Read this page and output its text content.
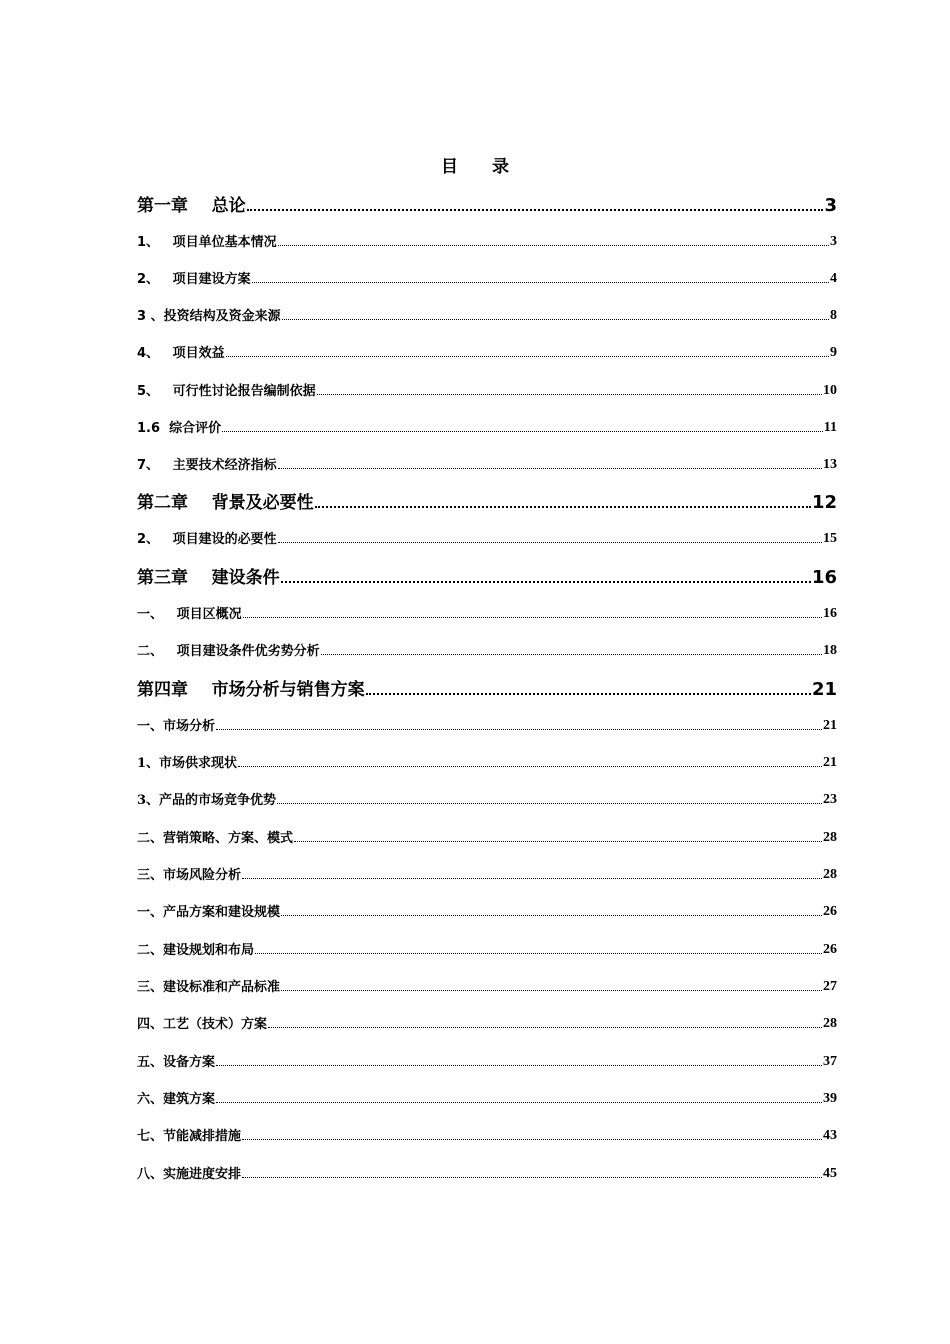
目 录
第一章    总论	3
1、   项目单位基本情况	3
2、   项目建设方案	4
3 、投资结构及资金来源	8
4、   项目效益	9
5、   可行性讨论报告编制依据	10
1.6  综合评价	11
7、   主要技术经济指标	13
第二章    背景及必要性	12
2、   项目建设的必要性	15
第三章    建设条件	16
一、   项目区概况	16
二、   项目建设条件优劣势分析	18
第四章    市场分析与销售方案	21
一、市场分析	21
1、市场供求现状	21
3、产品的市场竞争优势	23
二、营销策略、方案、模式	28
三、市场风险分析	28
一、产品方案和建设规模	26
二、建设规划和布局	26
三、建设标准和产品标准	27
四、工艺（技术）方案	28
五、设备方案	37
六、建筑方案	39
七、节能减排措施	43
八、实施进度安排	45
